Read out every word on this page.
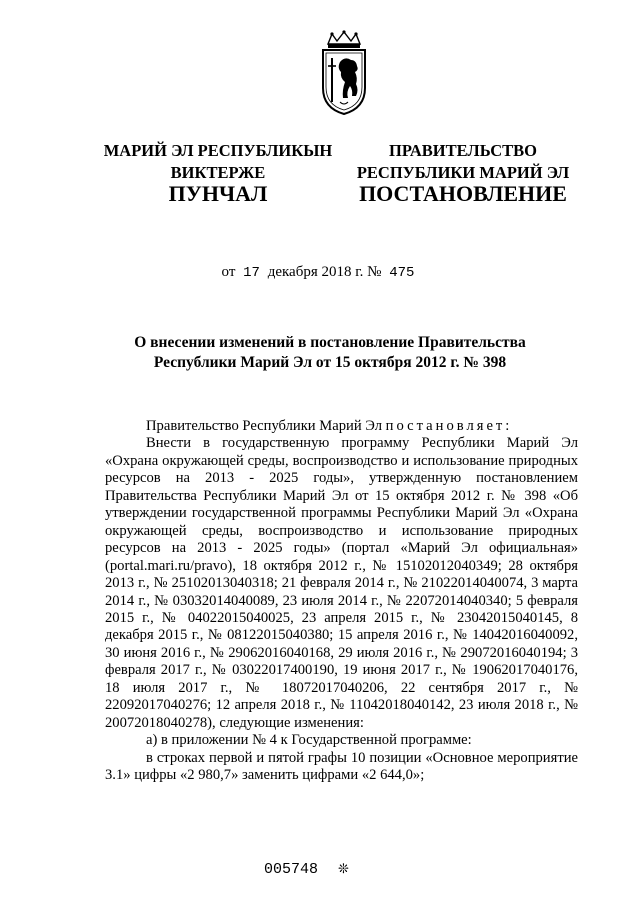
МАРИЙ ЭЛ РЕСПУБЛИКЫН
ВИКТЕРЖЕ
ПРАВИТЕЛЬСТВО
РЕСПУБЛИКИ МАРИЙ ЭЛ
ПУНЧАЛ	ПОСТАНОВЛЕНИЕ
от 17 декабря 2018 г. № 475
О внесении изменений в постановление Правительства
Республики Марий Эл от 15 октября 2012 г. № 398

Правительство Республики Марий Эл постановляет:

Внести в государственную программу Республики Марий Эл «Охрана окружающей среды, воспроизводство и использование природных ресурсов на 2013 - 2025 годы», утвержденную постановлением Правительства Республики Марий Эл от 15 октября 2012 г. № 398 «Об утверждении государственной программы Республики Марий Эл «Охрана окружающей среды, воспроизводство и использование природных ресурсов на 2013 - 2025 годы» (портал «Марий Эл официальная» (portal.mari.ru/pravo), 18 октября 2012 г., № 15102012040349; 28 октября 2013 г., № 25102013040318; 21 февраля 2014 г., № 21022014040074, 3 марта 2014 г., № 03032014040089, 23 июля 2014 г., № 22072014040340; 5 февраля 2015 г., № 04022015040025, 23 апреля 2015 г., № 23042015040145, 8 декабря 2015 г., № 08122015040380; 15 апреля 2016 г., № 14042016040092, 30 июня 2016 г., № 29062016040168, 29 июля 2016 г., № 29072016040194; 3 февраля 2017 г., № 03022017400190, 19 июня 2017 г., № 19062017040176, 18 июля 2017 г., № 18072017040206, 22 сентября 2017 г., № 22092017040276; 12 апреля 2018 г., № 11042018040142, 23 июля 2018 г., № 20072018040278), следующие изменения:

а) в приложении № 4 к Государственной программе:

в строках первой и пятой графы 10 позиции «Основное мероприятие 3.1» цифры «2 980,7» заменить цифрами «2 644,0»;

005748 ❊
